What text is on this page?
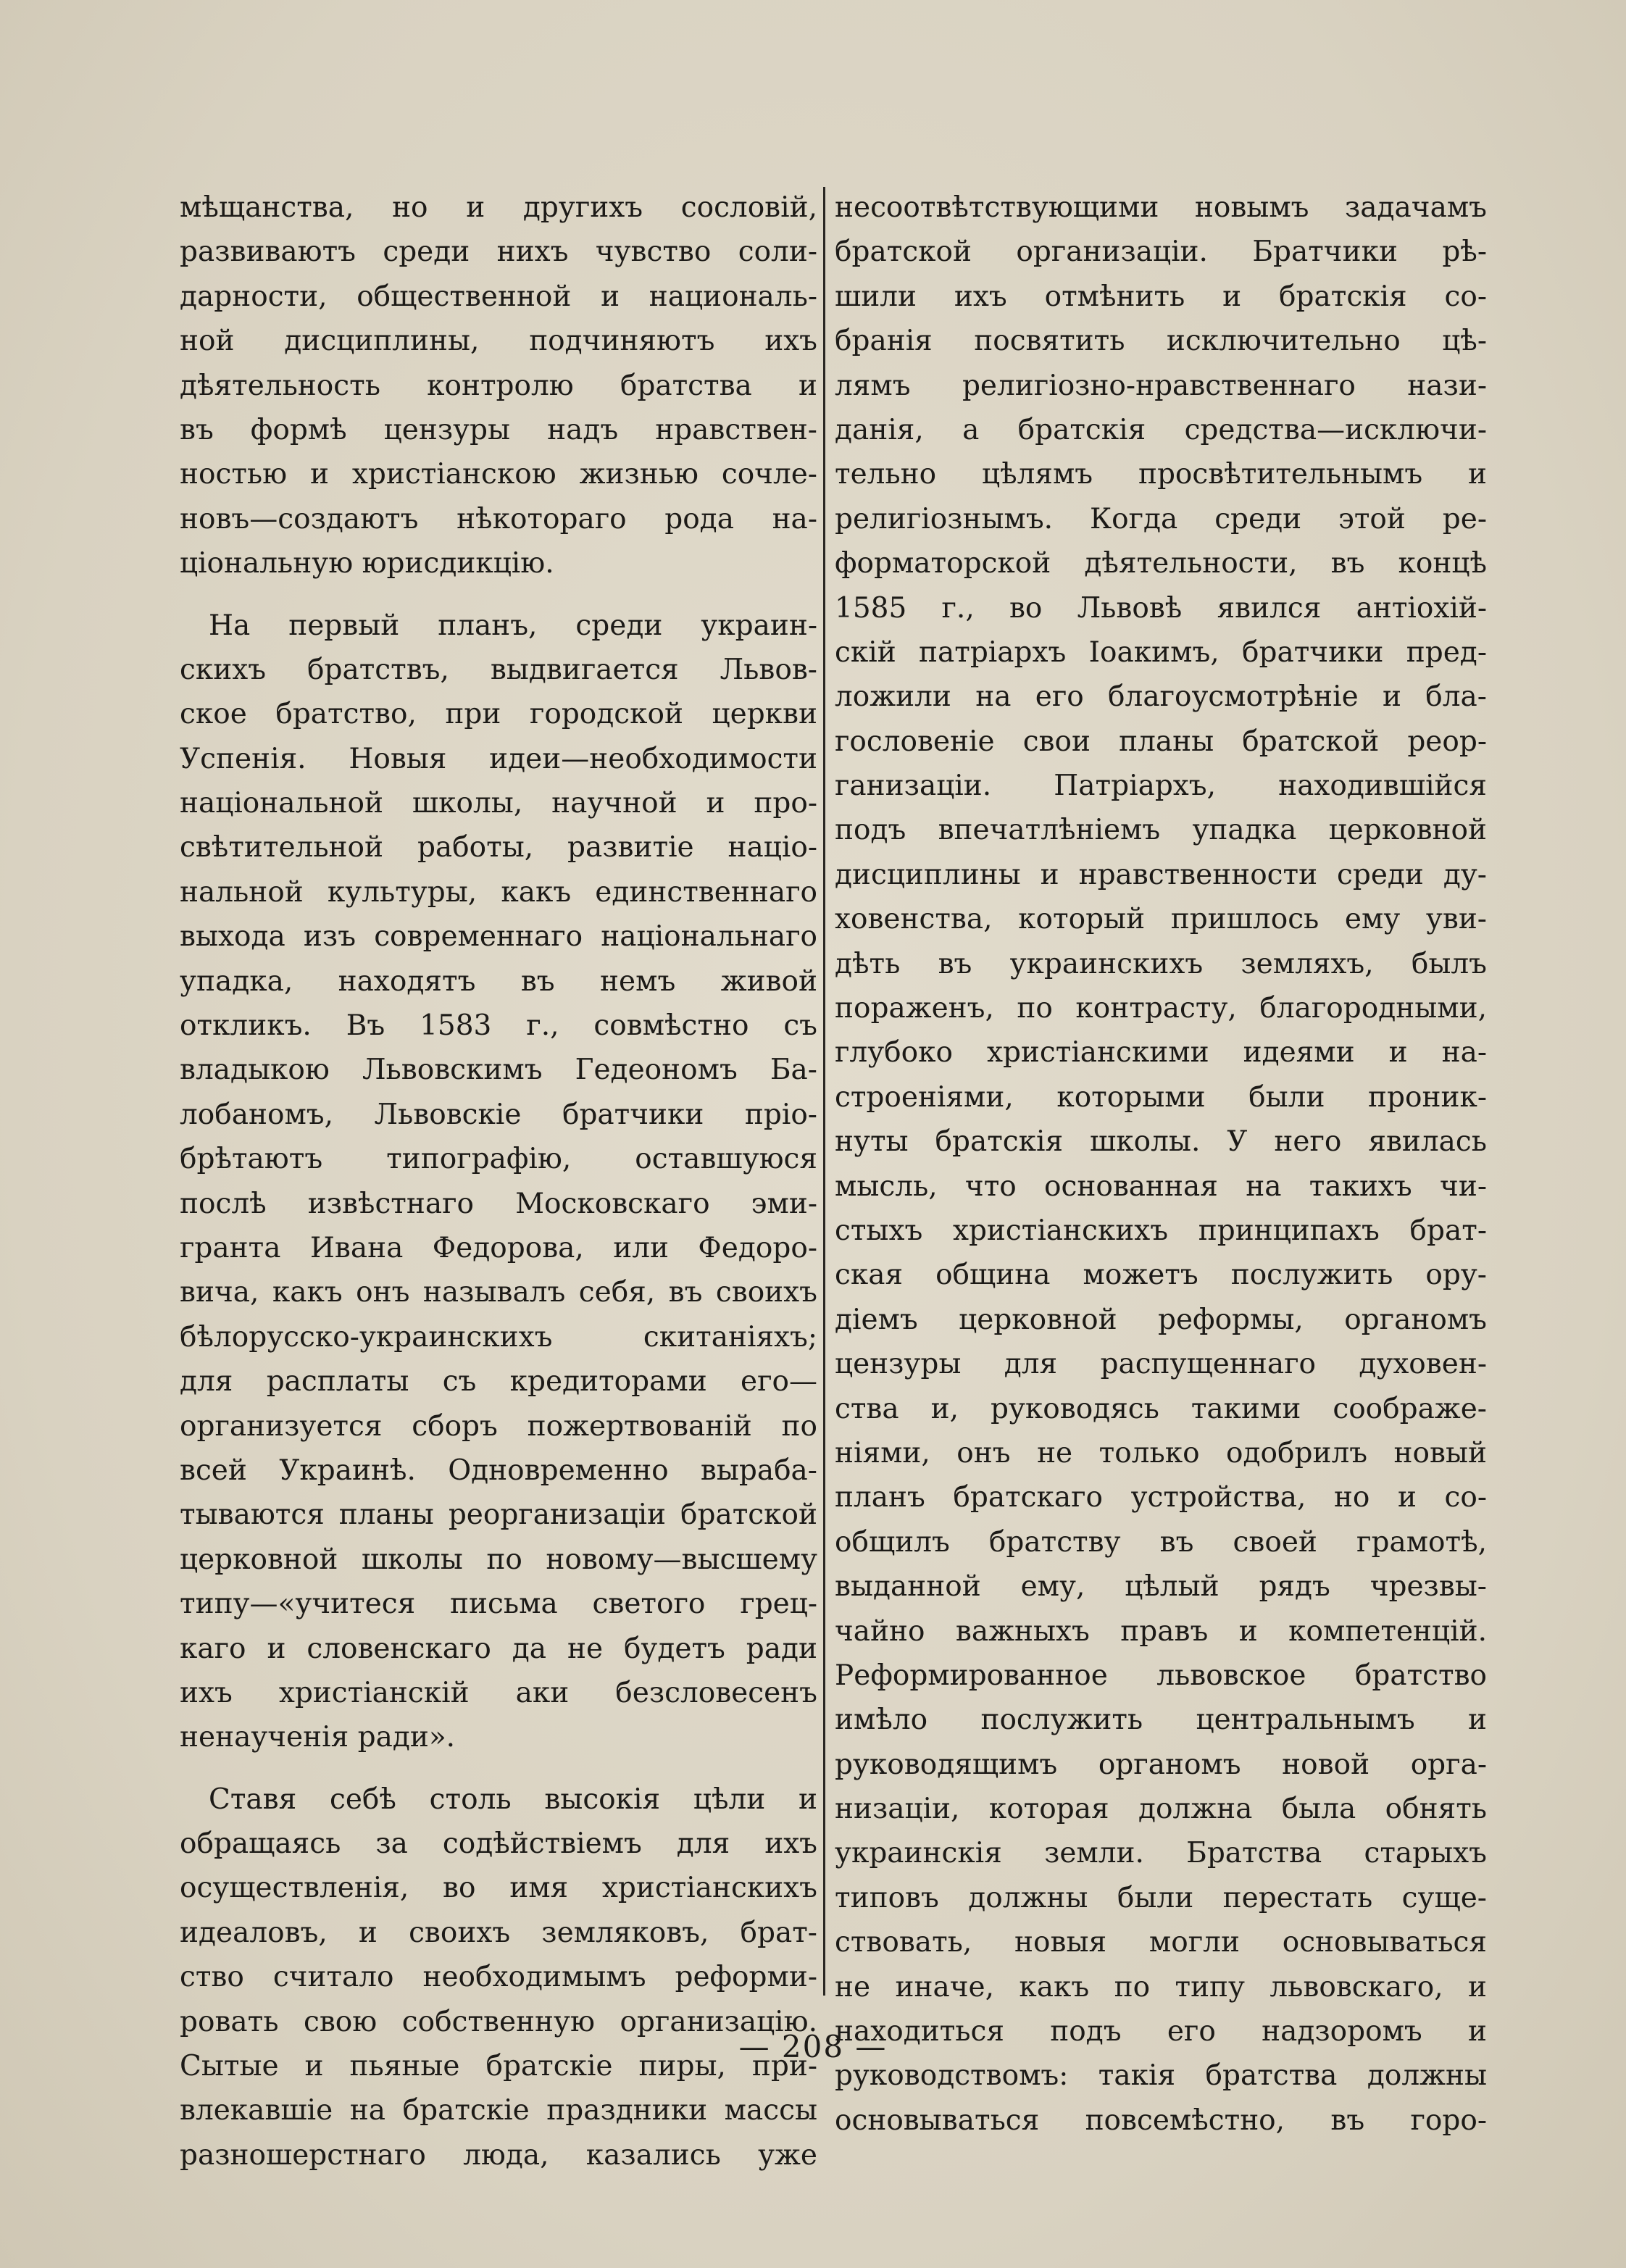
мѣщанства, но и другихъ сословій,
развиваютъ среди нихъ чувство соли-
дарности, общественной и националь-
ной дисциплины, подчиняютъ ихъ
дѣятельность контролю братства и
въ формѣ цензуры надъ нравствен-
ностью и христіанскою жизнью сочле-
новъ—создаютъ нѣкотораго рода на-
ціональную юрисдикцію.
На первый планъ, среди украин-
скихъ братствъ, выдвигается Львов-
ское братство, при городской церкви
Успенія. Новыя идеи—необходимости
національной школы, научной и про-
свѣтительной работы, развитіе націо-
нальной культуры, какъ единственнаго
выхода изъ современнаго національнаго
упадка, находятъ въ немъ живой
откликъ. Въ 1583 г., совмѣстно съ
владыкою Львовскимъ Гедеономъ Ба-
лобаномъ, Львовскіе братчики пріо-
брѣтаютъ типографію, оставшуюся
послѣ извѣстнаго Московскаго эми-
гранта Ивана Федорова, или Федоро-
вича, какъ онъ называлъ себя, въ своихъ
бѣлорусско-украинскихъ скитаніяхъ;
для расплаты съ кредиторами его—
организуется сборъ пожертвованій по
всей Украинѣ. Одновременно выраба-
тываются планы реорганизаціи братской
церковной школы по новому—высшему
типу—«учитеся письма светого грец-
каго и словенскаго да не будетъ ради
ихъ христіанскій аки безсловесенъ
ненаученія ради».
Ставя себѣ столь высокія цѣли и
обращаясь за содѣйствіемъ для ихъ
осуществленія, во имя христіанскихъ
идеаловъ, и своихъ земляковъ, брат-
ство считало необходимымъ реформи-
ровать свою собственную организацію.
Сытые и пьяные братскіе пиры, при-
влекавшіе на братскіе праздники массы
разношерстнаго люда, казались уже
несоотвѣтствующими новымъ задачамъ
братской организаціи. Братчики рѣ-
шили ихъ отмѣнить и братскія со-
бранія посвятить исключительно цѣ-
лямъ религіозно-нравственнаго нази-
данія, а братскія средства—исключи-
тельно цѣлямъ просвѣтительнымъ и
религіознымъ. Когда среди этой ре-
форматорской дѣятельности, въ концѣ
1585 г., во Львовѣ явился антіохій-
скій патріархъ Іоакимъ, братчики пред-
ложили на его благоусмотрѣніе и бла-
гословеніе свои планы братской реор-
ганизаціи. Патріархъ, находившійся
подъ впечатлѣніемъ упадка церковной
дисциплины и нравственности среди ду-
ховенства, который пришлось ему уви-
дѣть въ украинскихъ земляхъ, былъ
пораженъ, по контрасту, благородными,
глубоко христіанскими идеями и на-
строеніями, которыми были проник-
нуты братскія школы. У него явилась
мысль, что основанная на такихъ чи-
стыхъ христіанскихъ принципахъ брат-
ская община можетъ послужить ору-
діемъ церковной реформы, органомъ
цензуры для распущеннаго духовен-
ства и, руководясь такими соображе-
ніями, онъ не только одобрилъ новый
планъ братскаго устройства, но и со-
общилъ братству въ своей грамотѣ,
выданной ему, цѣлый рядъ чрезвы-
чайно важныхъ правъ и компетенцій.
Реформированное львовское братство
имѣло послужить центральнымъ и
руководящимъ органомъ новой орга-
низаціи, которая должна была обнять
украинскія земли. Братства старыхъ
типовъ должны были перестать суще-
ствовать, новыя могли основываться
не иначе, какъ по типу львовскаго, и
находиться подъ его надзоромъ и
руководствомъ: такія братства должны
основываться повсемѣстно, въ горо-
— 208 —
